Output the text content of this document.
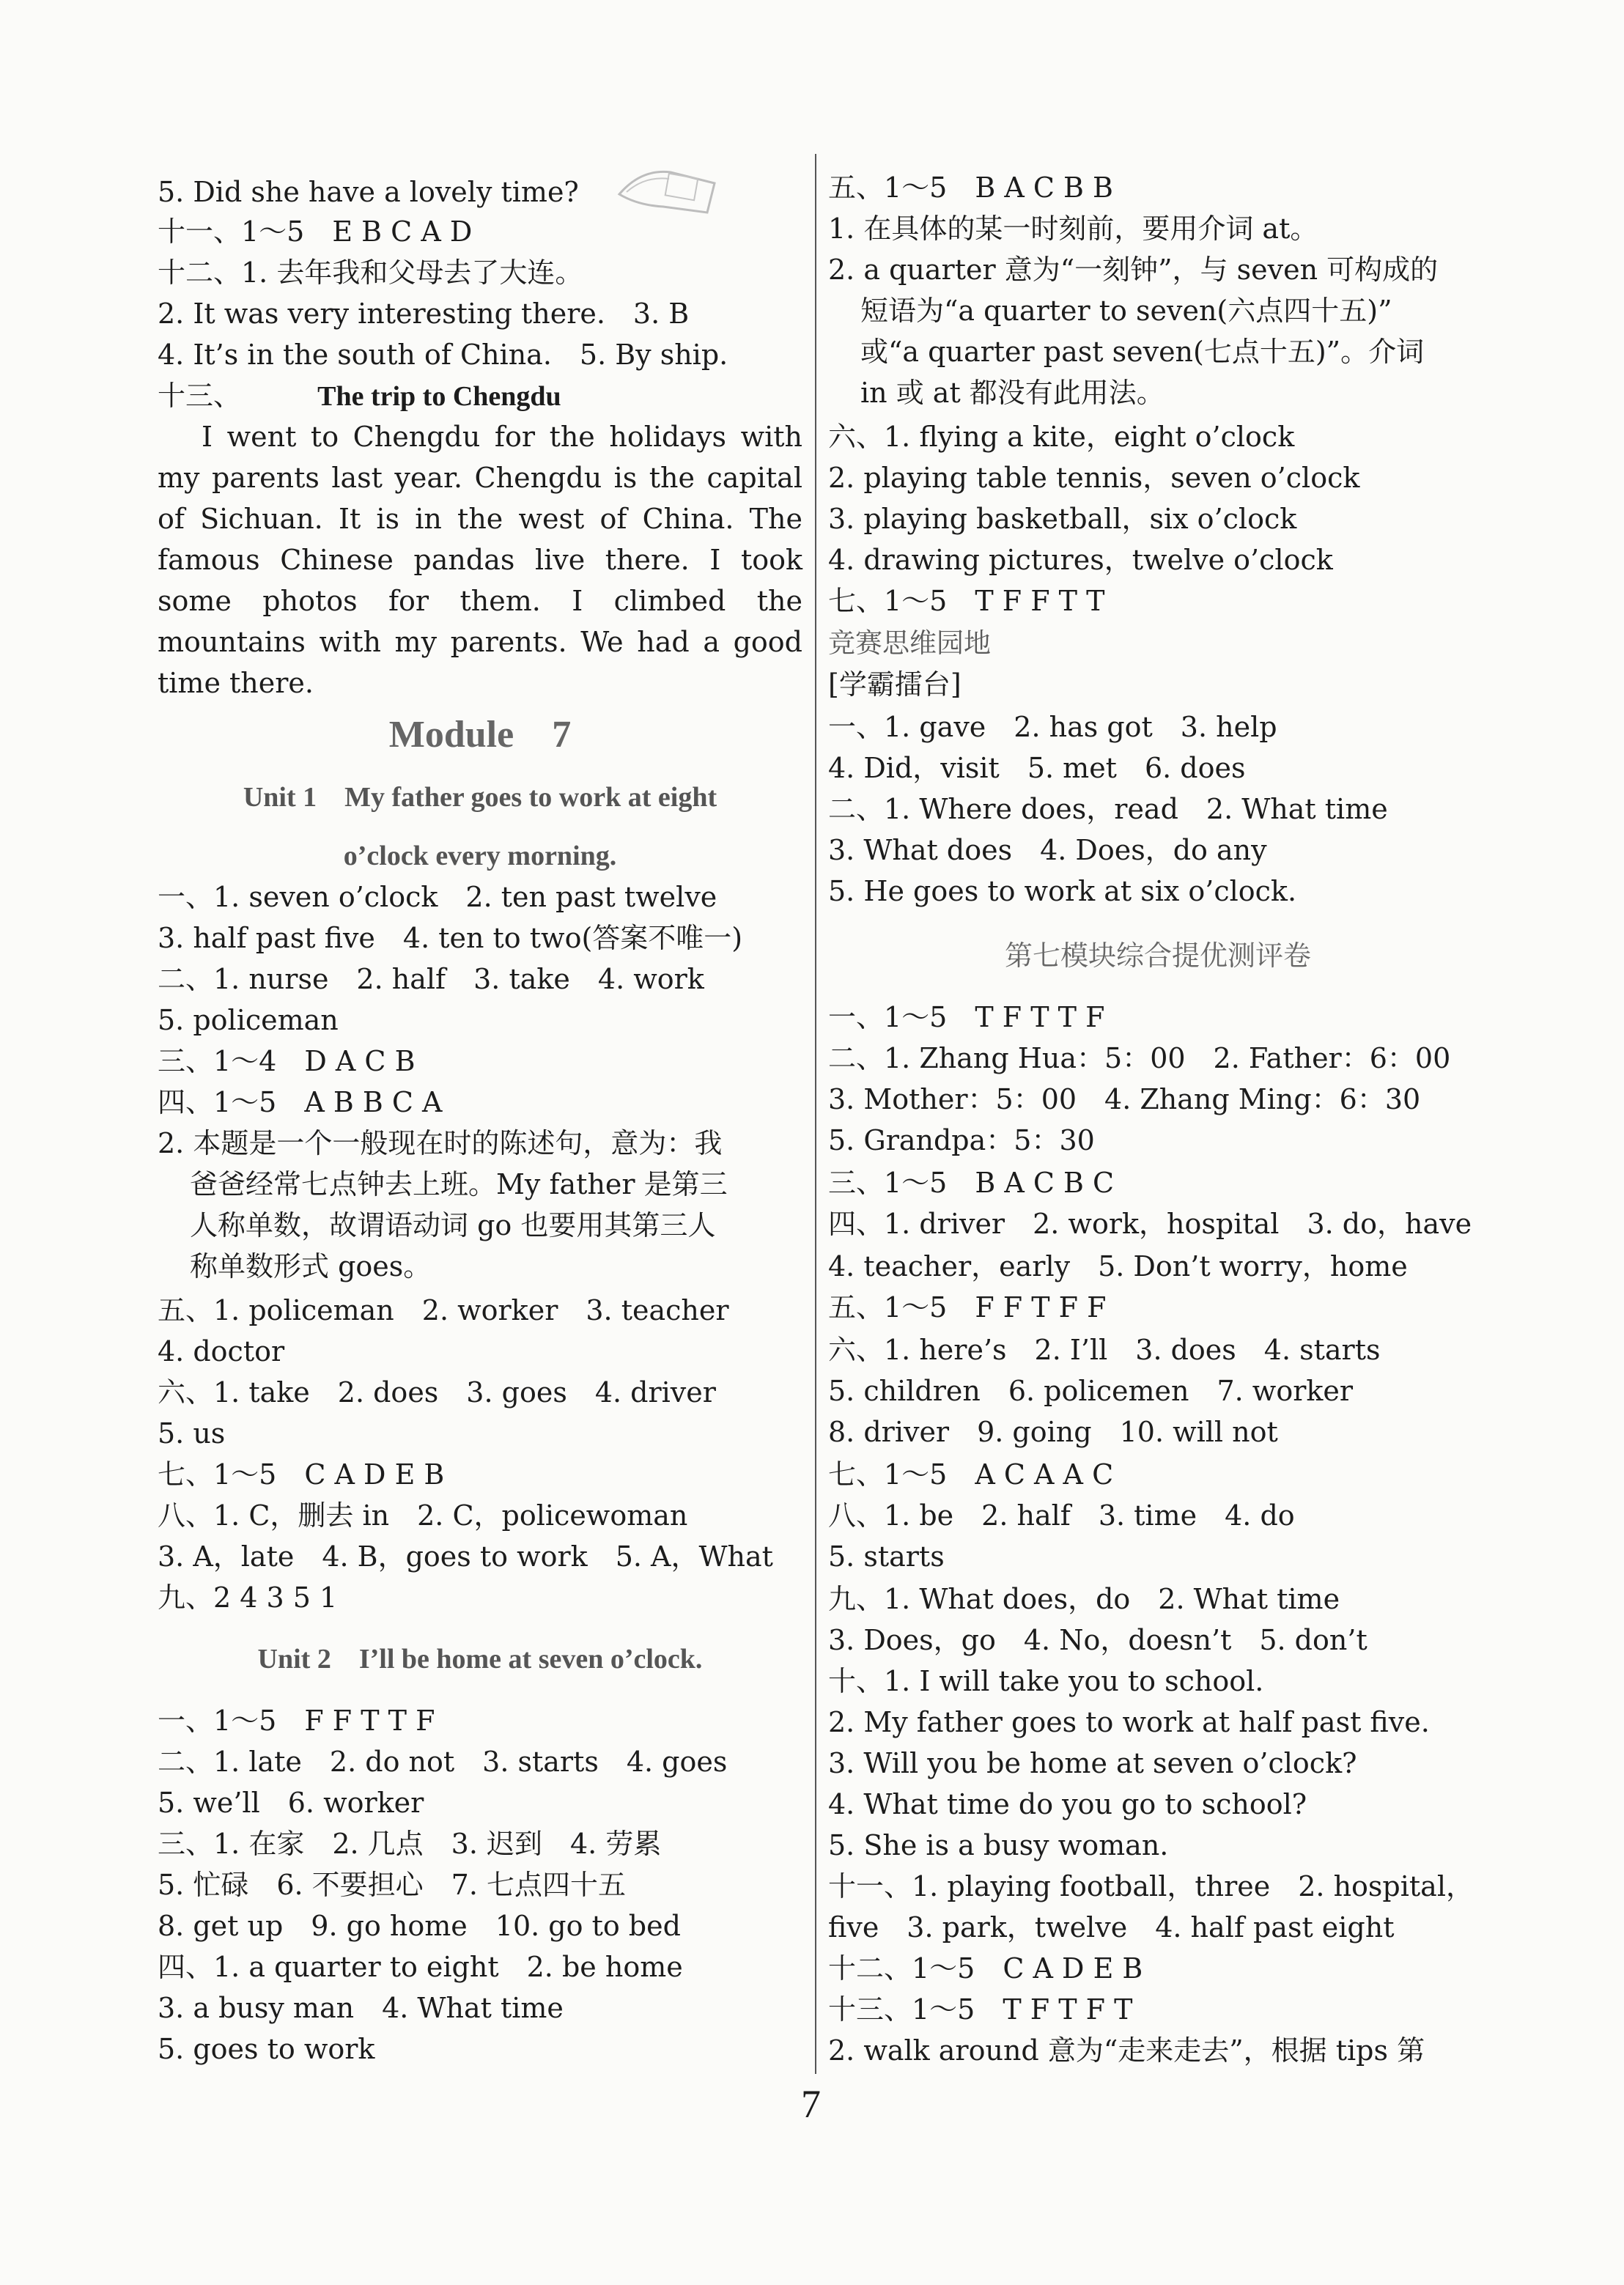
5. Did she have a lovely time?
十一、1～5　E B C A D
十二、1. 去年我和父母去了大连。
2. It was very interesting there.　3. B
4. It’s in the south of China.　5. By ship.
十三、	The trip to Chengdu
I went to Chengdu for the holidays with
my parents last year. Chengdu is the capital
of Sichuan. It is in the west of China. The
famous Chinese pandas live there. I took
some photos for them. I climbed the
mountains with my parents. We had a good
time there.
Module　7
Unit 1　My father goes to work at eight
o’clock every morning.
一、1. seven o’clock　2. ten past twelve
3. half past five　4. ten to two(答案不唯一)
二、1. nurse　2. half　3. take　4. work
5. policeman
三、1～4　D A C B
四、1～5　A B B C A
2. 本题是一个一般现在时的陈述句，意为：我
爸爸经常七点钟去上班。My father 是第三
人称单数，故谓语动词 go 也要用其第三人
称单数形式 goes。
五、1. policeman　2. worker　3. teacher
4. doctor
六、1. take　2. does　3. goes　4. driver
5. us
七、1～5　C A D E B
八、1. C，删去 in　2. C，policewoman
3. A，late　4. B，goes to work　5. A，What
九、2 4 3 5 1
Unit 2　I’ll be home at seven o’clock.
一、1～5　F F T T F
二、1. late　2. do not　3. starts　4. goes
5. we’ll　6. worker
三、1. 在家　2. 几点　3. 迟到　4. 劳累
5. 忙碌　6. 不要担心　7. 七点四十五
8. get up　9. go home　10. go to bed
四、1. a quarter to eight　2. be home
3. a busy man　4. What time
5. goes to work
五、1～5　B A C B B
1. 在具体的某一时刻前，要用介词 at。
2. a quarter 意为“一刻钟”，与 seven 可构成的
短语为“a quarter to seven(六点四十五)”
或“a quarter past seven(七点十五)”。介词
in 或 at 都没有此用法。
六、1. flying a kite，eight o’clock
2. playing table tennis，seven o’clock
3. playing basketball，six o’clock
4. drawing pictures，twelve o’clock
七、1～5　T F F T T
竞赛思维园地
[学霸擂台]
一、1. gave　2. has got　3. help
4. Did，visit　5. met　6. does
二、1. Where does，read　2. What time
3. What does　4. Does，do any
5. He goes to work at six o’clock.
第七模块综合提优测评卷
一、1～5　T F T T F
二、1. Zhang Hua：5：00　2. Father：6：00
3. Mother：5：00　4. Zhang Ming：6：30
5. Grandpa：5：30
三、1～5　B A C B C
四、1. driver　2. work，hospital　3. do，have
4. teacher，early　5. Don’t worry，home
五、1～5　F F T F F
六、1. here’s　2. I’ll　3. does　4. starts
5. children　6. policemen　7. worker
8. driver　9. going　10. will not
七、1～5　A C A A C
八、1. be　2. half　3. time　4. do
5. starts
九、1. What does，do　2. What time
3. Does，go　4. No，doesn’t　5. don’t
十、1. I will take you to school.
2. My father goes to work at half past five.
3. Will you be home at seven o’clock?
4. What time do you go to school?
5. She is a busy woman.
十一、1. playing football，three　2. hospital，
five　3. park，twelve　4. half past eight
十二、1～5　C A D E B
十三、1～5　T F T F T
2. walk around 意为“走来走去”，根据 tips 第
7
